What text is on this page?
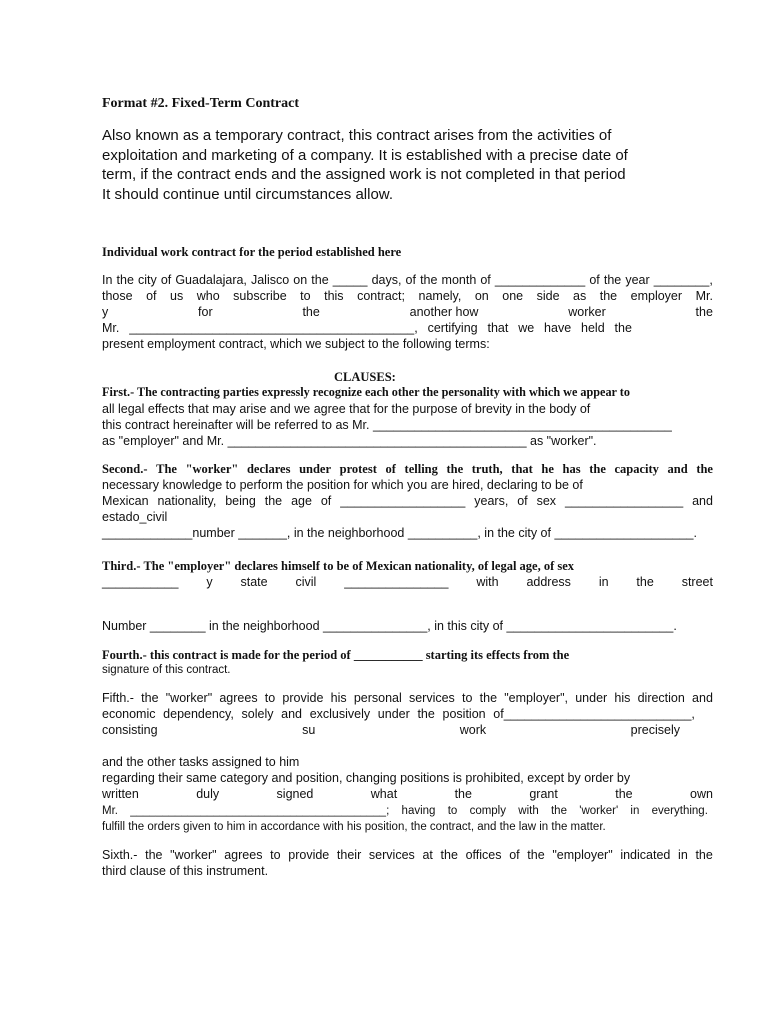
Format #2. Fixed-Term Contract
Also known as a temporary contract, this contract arises from the activities of
exploitation and marketing of a company. It is established with a precise date of
term, if the contract ends and the assigned work is not completed in that period
It should continue until circumstances allow.
Individual work contract for the period established here
In the city of Guadalajara, Jalisco on the _____ days, of the month of _____________ of the year ________,
those of us who subscribe to this contract; namely, on one side as the employer Mr.
y	for	the	another how	worker	the
Mr. _________________________________________, certifying that we have held the
present employment contract, which we subject to the following terms:
CLAUSES:
First.- The contracting parties expressly recognize each other the personality with which we appear to
all legal effects that may arise and we agree that for the purpose of brevity in the body of
this contract hereinafter will be referred to as Mr. ___________________________________________
as "employer" and Mr. ___________________________________________ as "worker".
Second.- The "worker" declares under protest of telling the truth, that he has the capacity and the
necessary knowledge to perform the position for which you are hired, declaring to be of
Mexican nationality, being the age of __________________ years, of sex _________________ and
estado_civil
_____________number _______, in the neighborhood __________, in the city of ____________________.
Third.- The "employer" declares himself to be of Mexican nationality, of legal age, of sex
___________ y state civil _______________ with address in the street
Number ________ in the neighborhood _______________, in this city of ________________________.
Fourth.- this contract is made for the period of ___________ starting its effects from the
signature of this contract.
Fifth.- the "worker" agrees to provide his personal services to the "employer", under his direction and
economic dependency, solely and exclusively under the position of___________________________,
consisting	su	work	precisely
and the other tasks assigned to him
regarding their same category and position, changing positions is prohibited, except by order by
written	duly	signed	what	the	grant	the	own
Mr. ________________________________________; having to comply with the 'worker' in everything.
fulfill the orders given to him in accordance with his position, the contract, and the law in the matter.
Sixth.- the "worker" agrees to provide their services at the offices of the "employer" indicated in the
third clause of this instrument.
